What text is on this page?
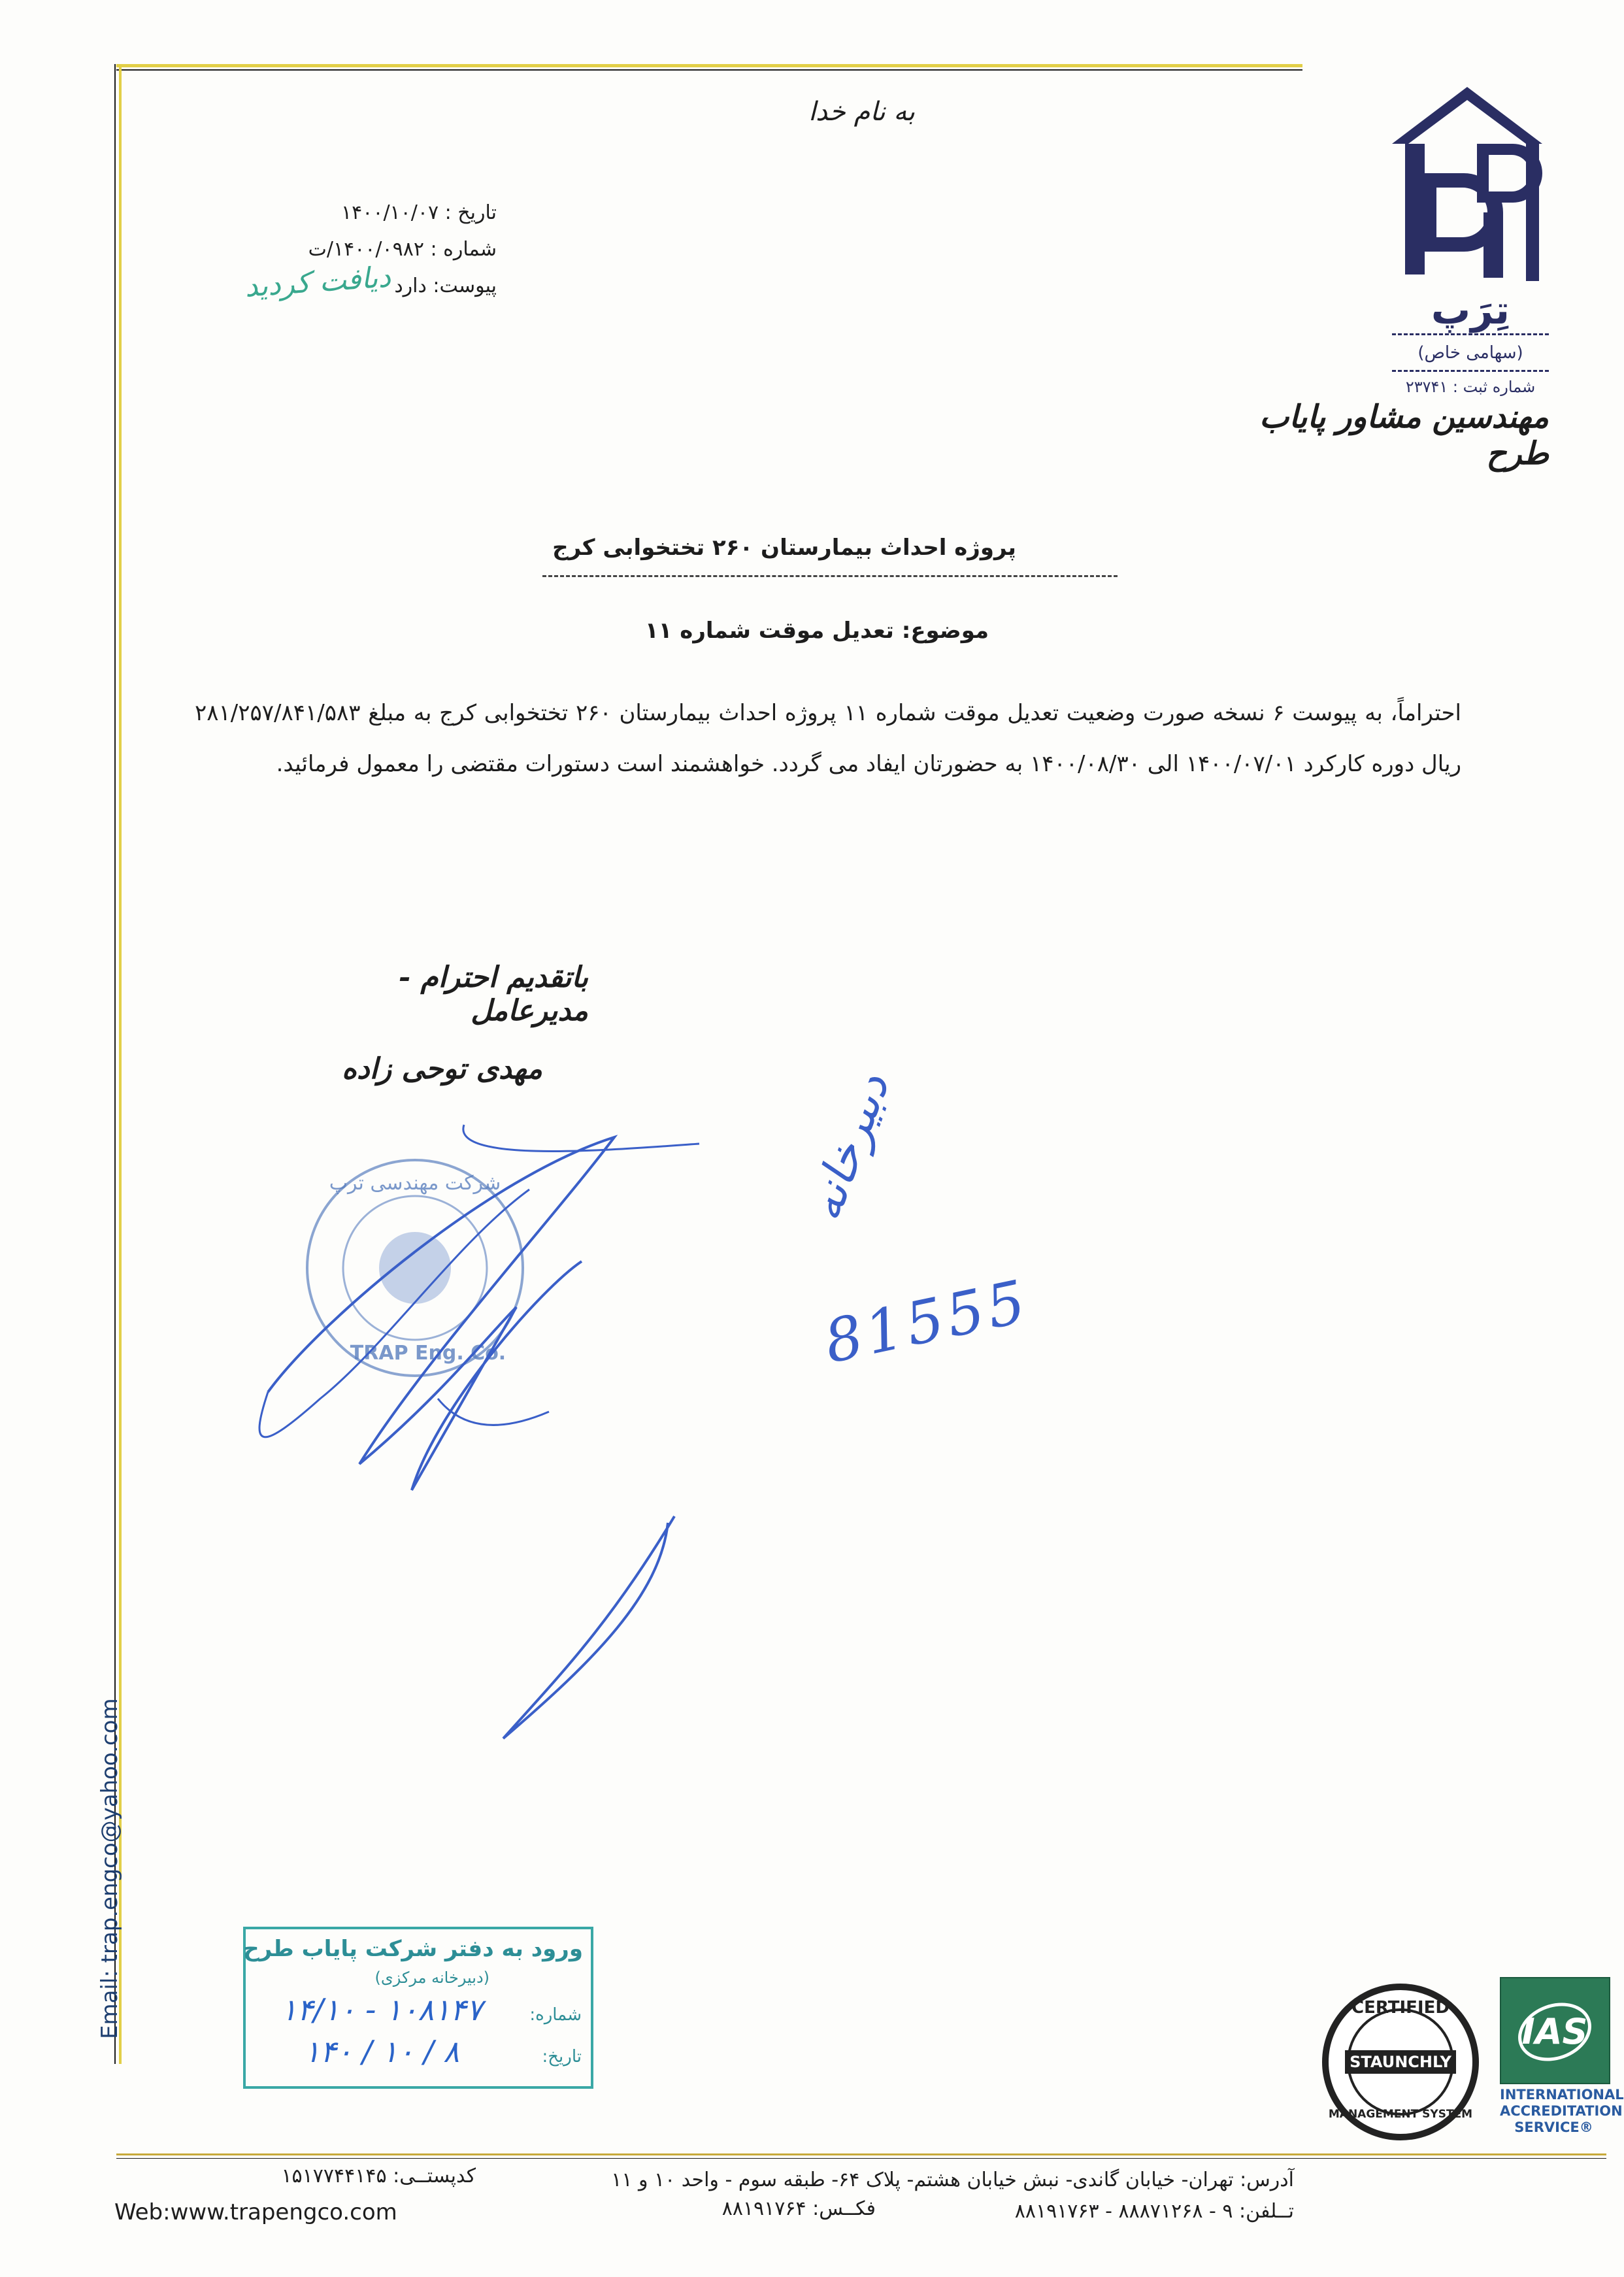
به نام خدا
تاریخ : ۱۴۰۰/۱۰/۰۷
شماره : ۱۴۰۰/۰۹۸۲/ت
پیوست: دارد
دیافت کردید
تِرَپ
(سهامی خاص)
شماره ثبت : ۲۳۷۴۱
مهندسین مشاور پایاب طرح
پروژه احداث بیمارستان ۲۶۰ تختخوابی کرج
موضوع: تعدیل موقت شماره ۱۱
احتراماً، به پیوست ۶ نسخه صورت وضعیت تعدیل موقت شماره ۱۱ پروژه احداث بیمارستان ۲۶۰ تختخوابی کرج به مبلغ ۲۸۱/۲۵۷/۸۴۱/۵۸۳ ریال دوره کارکرد ۱۴۰۰/۰۷/۰۱ الی ۱۴۰۰/۰۸/۳۰ به حضورتان ایفاد می گردد. خواهشمند است دستورات مقتضی را معمول فرمائید.
باتقدیم احترام - مدیرعامل
مهدی توحی زاده
شرکت مهندسی ترپ
TRAP Eng. Co.
دبیرخانه
81555
Email: trap.engco@yahoo.com	ورود به دفتر شرکت پایاب طرح
(دبیرخانه مرکزی)
شماره:
تاریخ:
۱۴/۱۰ - ۱۰۸۱۴۷
۱۴۰ / ۱۰ / ۸
CERTIFIED
STAUNCHLY
MANAGEMENT SYSTEM
IAS
INTERNATIONAL
ACCREDITATION
SERVICE®
آدرس: تهران- خیابان گاندی- نبش خیابان هشتم- پلاک ۶۴- طبقه سوم - واحد ۱۰ و ۱۱
تــلفن: ۹ - ۸۸۸۷۱۲۶۸ - ۸۸۱۹۱۷۶۳
فکــس: ۸۸۱۹۱۷۶۴
کدپستــی: ۱۵۱۷۷۴۴۱۴۵
Web:www.trapengco.com
